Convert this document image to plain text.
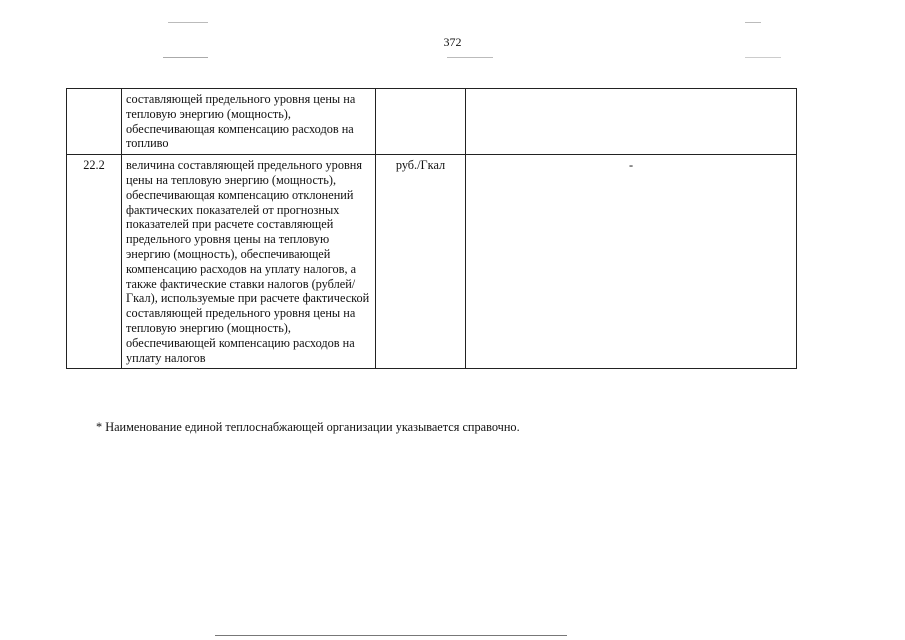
372
	составляющей предельного уровня цены на тепловую энергию (мощность), обеспечивающая компенсацию расходов на топливо		
22.2	величина составляющей предельного уровня цены на тепловую энергию (мощность), обеспечивающая компенсацию отклонений фактических показателей от прогнозных показателей при расчете составляющей предельного уровня цены на тепловую энергию (мощность), обеспечивающей компенсацию расходов на уплату налогов, а также фактические ставки налогов (рублей/Гкал), используемые при расчете фактической составляющей предельного уровня цены на тепловую энергию (мощность), обеспечивающей компенсацию расходов на уплату налогов	руб./Гкал	-
* Наименование единой теплоснабжающей организации указывается справочно.
